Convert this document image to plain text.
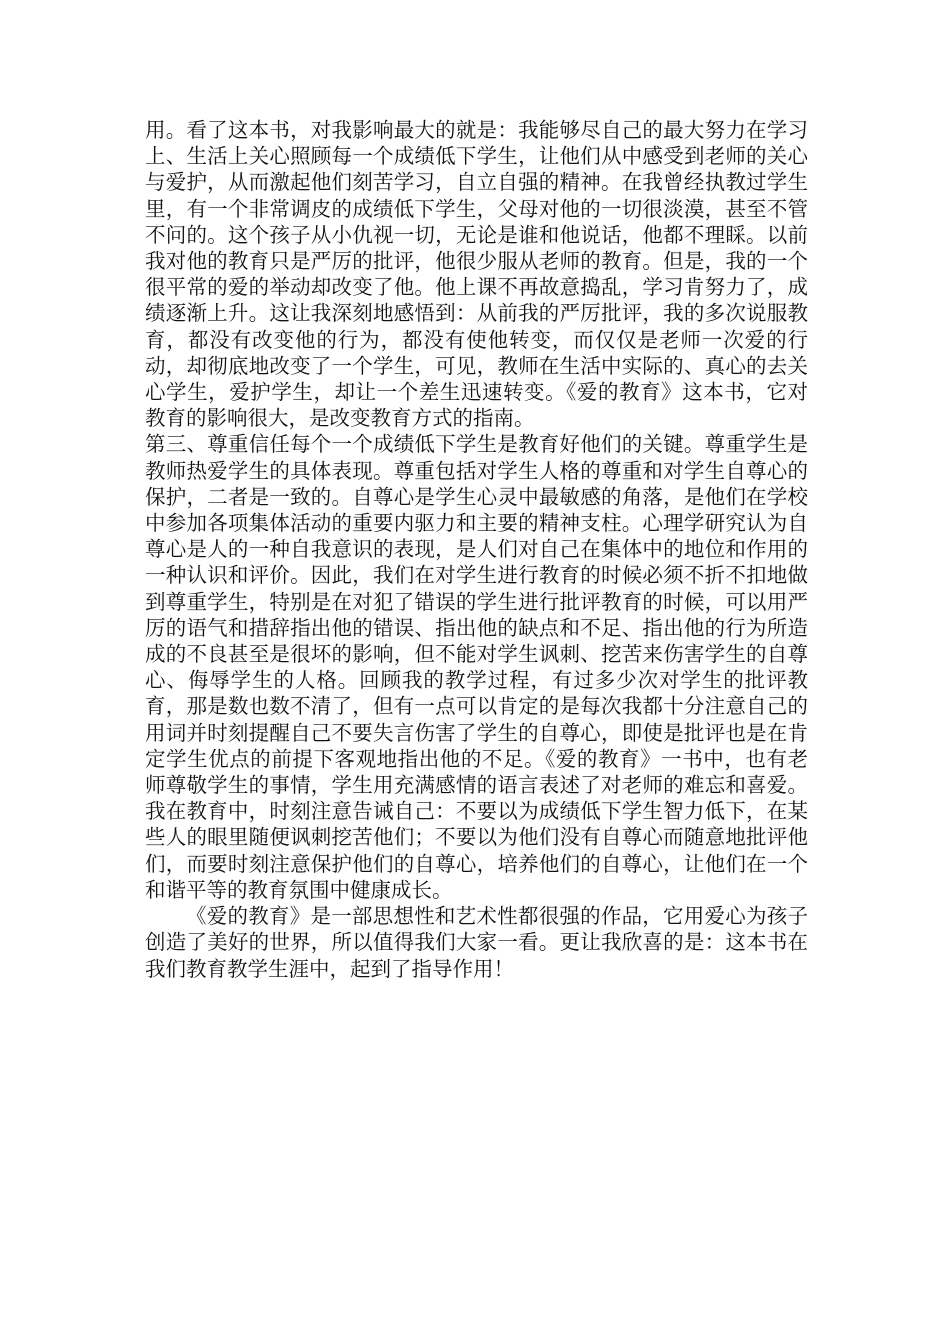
用。看了这本书，对我影响最大的就是：我能够尽自己的最大努力在学习上、生活上关心照顾每一个成绩低下学生，让他们从中感受到老师的关心与爱护，从而激起他们刻苦学习，自立自强的精神。在我曾经执教过学生里，有一个非常调皮的成绩低下学生，父母对他的一切很淡漠，甚至不管不问的。这个孩子从小仇视一切，无论是谁和他说话，他都不理睬。以前我对他的教育只是严厉的批评，他很少服从老师的教育。但是，我的一个很平常的爱的举动却改变了他。他上课不再故意捣乱，学习肯努力了，成绩逐渐上升。这让我深刻地感悟到：从前我的严厉批评，我的多次说服教育，都没有改变他的行为，都没有使他转变，而仅仅是老师一次爱的行动，却彻底地改变了一个学生，可见，教师在生活中实际的、真心的去关心学生，爱护学生，却让一个差生迅速转变。《爱的教育》这本书，它对教育的影响很大，是改变教育方式的指南。

第三、尊重信任每个一个成绩低下学生是教育好他们的关键。尊重学生是教师热爱学生的具体表现。尊重包括对学生人格的尊重和对学生自尊心的保护，二者是一致的。自尊心是学生心灵中最敏感的角落，是他们在学校中参加各项集体活动的重要内驱力和主要的精神支柱。心理学研究认为自尊心是人的一种自我意识的表现，是人们对自己在集体中的地位和作用的一种认识和评价。因此，我们在对学生进行教育的时候必须不折不扣地做到尊重学生，特别是在对犯了错误的学生进行批评教育的时候，可以用严厉的语气和措辞指出他的错误、指出他的缺点和不足、指出他的行为所造成的不良甚至是很坏的影响，但不能对学生讽刺、挖苦来伤害学生的自尊心、侮辱学生的人格。回顾我的教学过程，有过多少次对学生的批评教育，那是数也数不清了，但有一点可以肯定的是每次我都十分注意自己的用词并时刻提醒自己不要失言伤害了学生的自尊心，即使是批评也是在肯定学生优点的前提下客观地指出他的不足。《爱的教育》一书中，也有老师尊敬学生的事情，学生用充满感情的语言表述了对老师的难忘和喜爱。我在教育中，时刻注意告诫自己：不要以为成绩低下学生智力低下，在某些人的眼里随便讽刺挖苦他们；不要以为他们没有自尊心而随意地批评他们，而要时刻注意保护他们的自尊心，培养他们的自尊心，让他们在一个和谐平等的教育氛围中健康成长。

《爱的教育》是一部思想性和艺术性都很强的作品，它用爱心为孩子创造了美好的世界，所以值得我们大家一看。更让我欣喜的是：这本书在我们教育教学生涯中，起到了指导作用！
